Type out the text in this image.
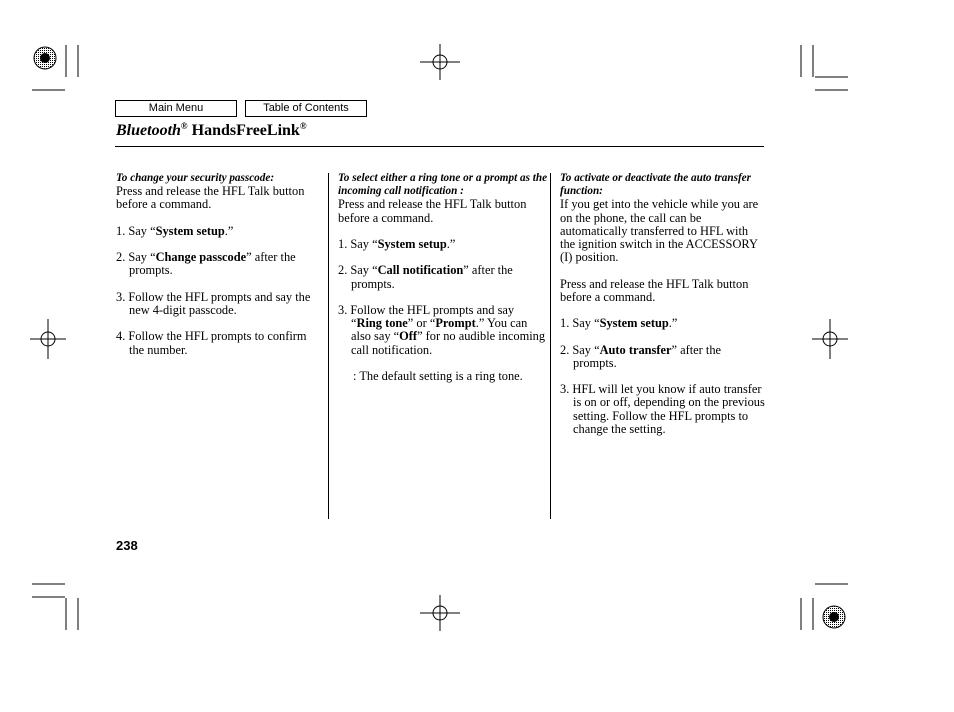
Main Menu	Table of Contents
Bluetooth® HandsFreeLink®

To change your security passcode:

Press and release the HFL Talk button before a command.

1. Say “System setup.”
2. Say “Change passcode” after the prompts.
3. Follow the HFL prompts and say the new 4-digit passcode.
4. Follow the HFL prompts to confirm the number.

To select either a ring tone or a prompt as the incoming call notification :

Press and release the HFL Talk button before a command.

1. Say “System setup.”
2. Say “Call notification” after the prompts.
3. Follow the HFL prompts and say “Ring tone” or “Prompt.” You can also say “Off” for no audible incoming call notification.

: The default setting is a ring tone.

To activate or deactivate the auto transfer function:

If you get into the vehicle while you are on the phone, the call can be automatically transferred to HFL with the ignition switch in the ACCESSORY (I) position.

Press and release the HFL Talk button before a command.

1. Say “System setup.”
2. Say “Auto transfer” after the prompts.
3. HFL will let you know if auto transfer is on or off, depending on the previous setting. Follow the HFL prompts to change the setting.
238
